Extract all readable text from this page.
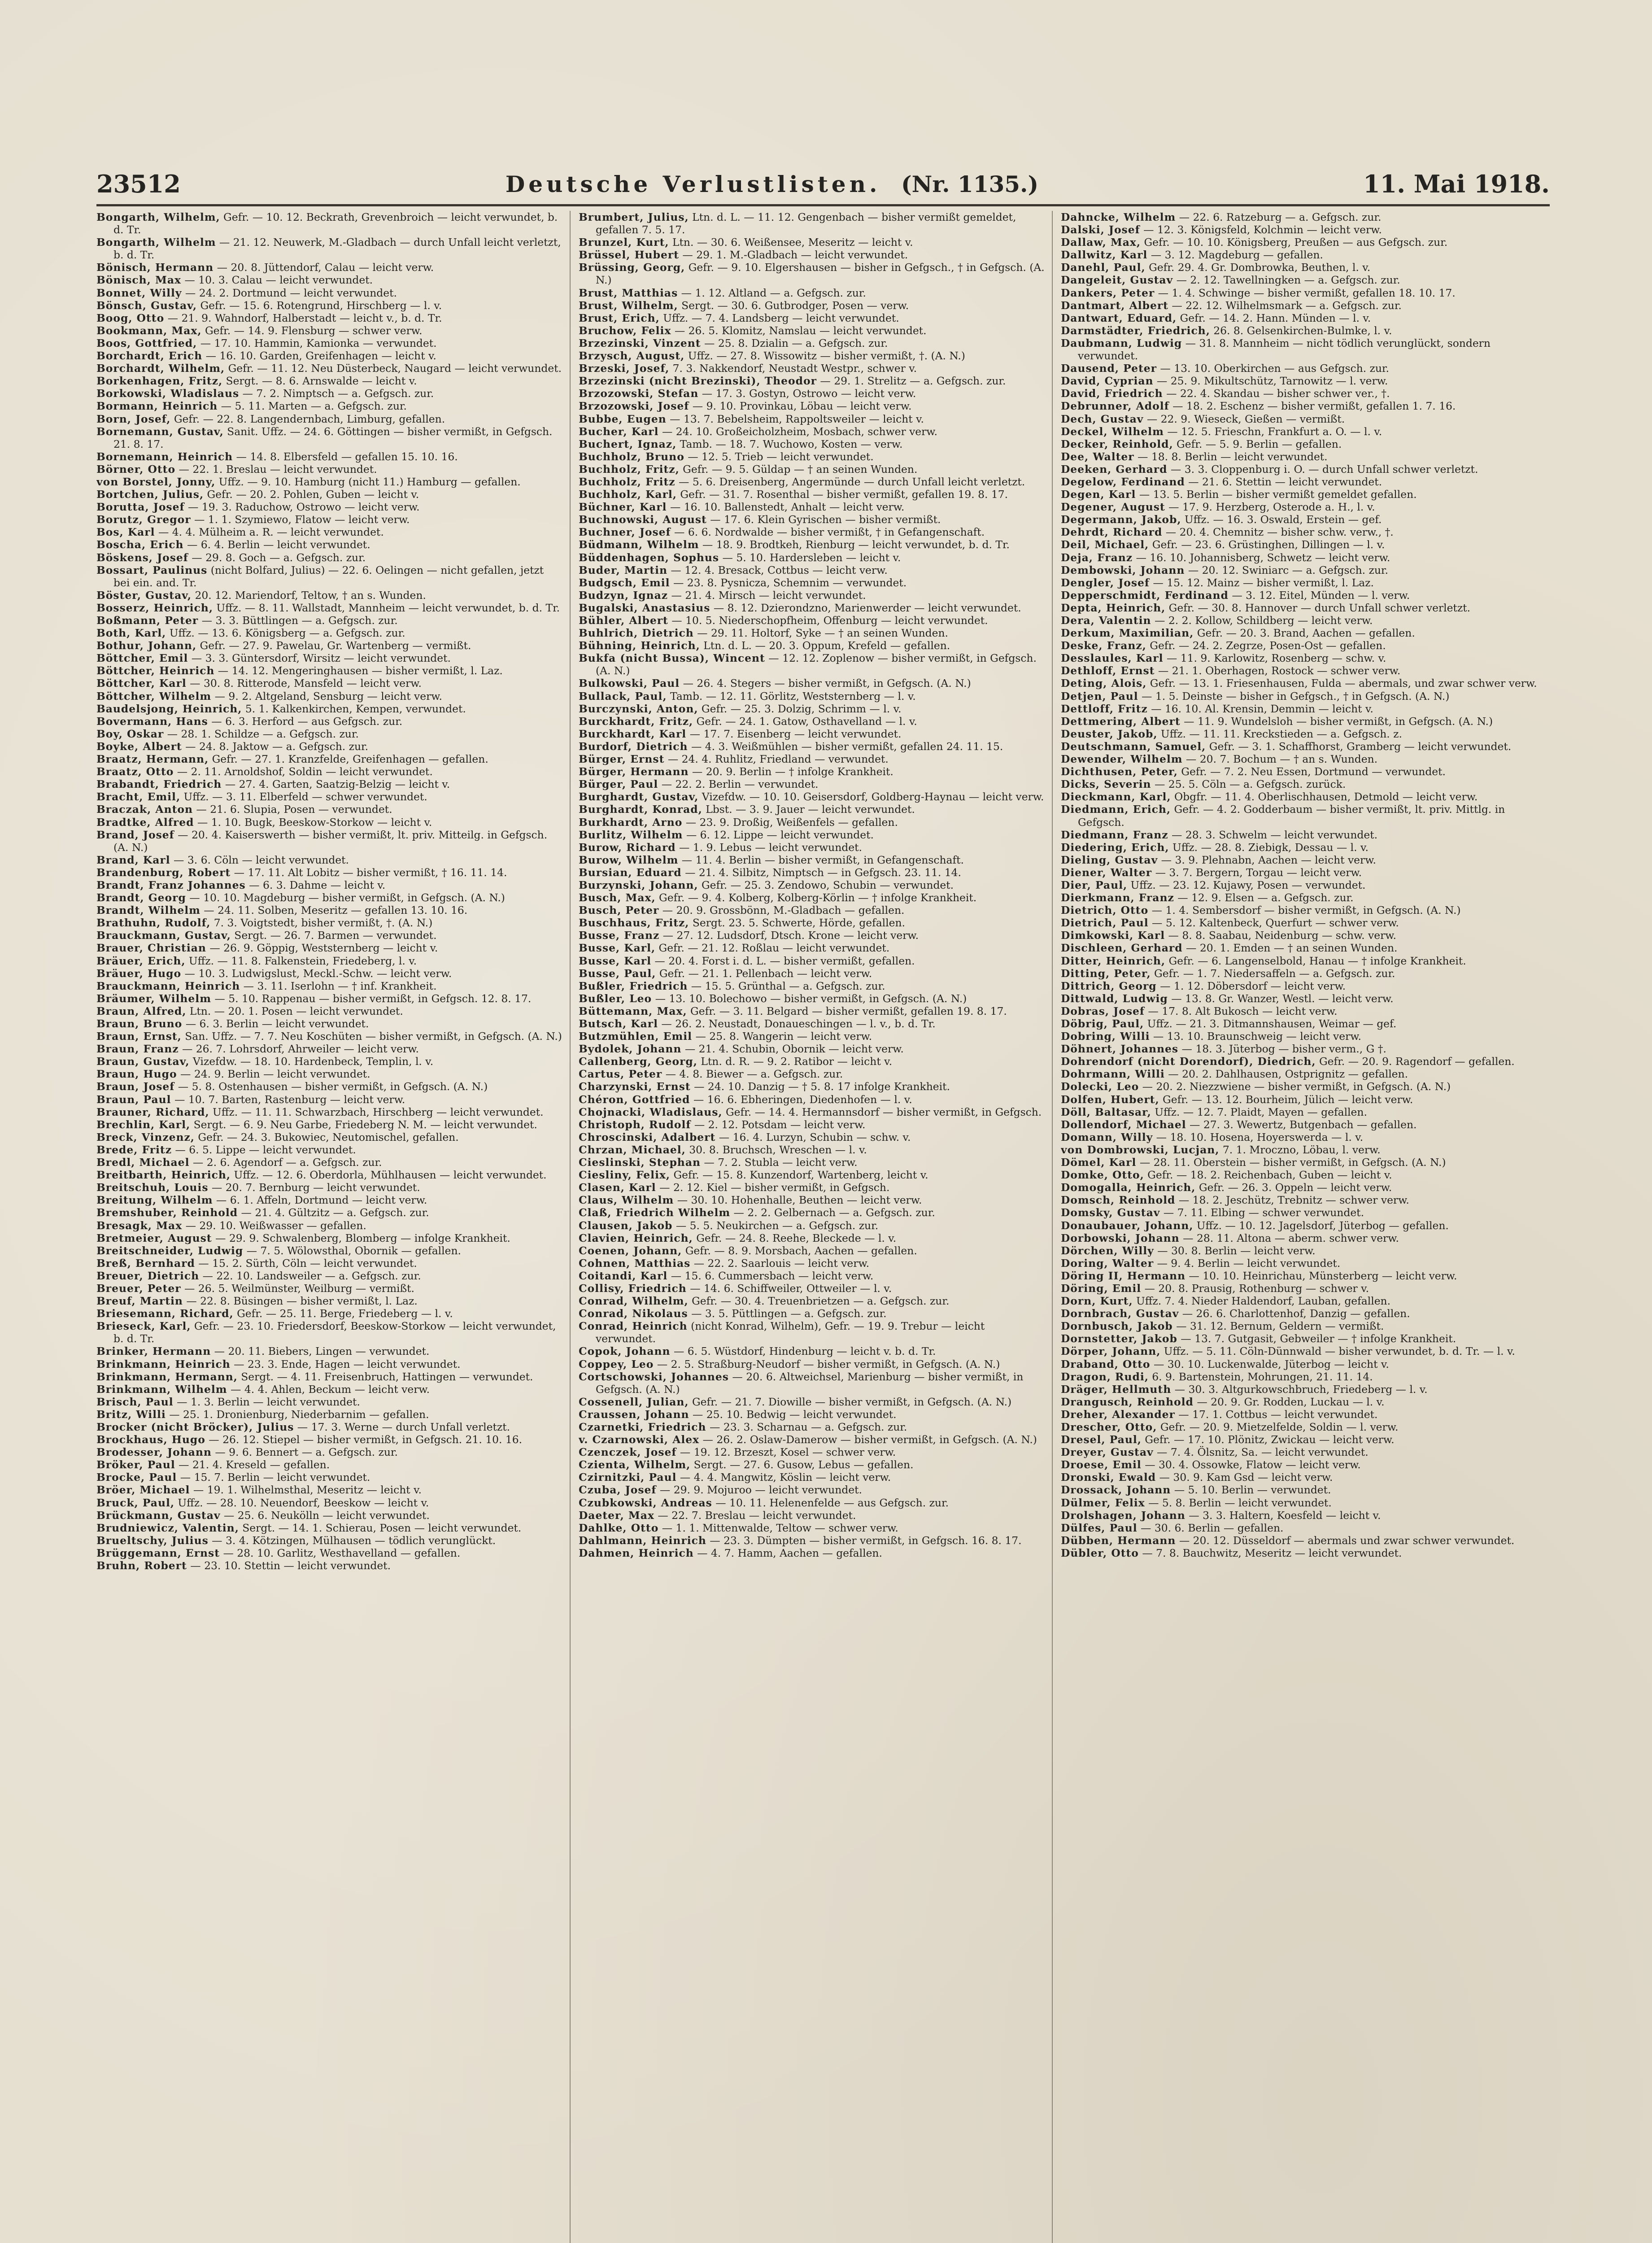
23512	Deutsche Verlustlisten. (Nr. 1135.)	11. Mai 1918.
Bongarth, Wilhelm, Gefr. — 10. 12. Beckrath, Grevenbroich — leicht verwundet, b. d. Tr.
Bongarth, Wilhelm — 21. 12. Neuwerk, M.-Gladbach — durch Unfall leicht verletzt, b. d. Tr.
Bönisch, Hermann — 20. 8. Jüttendorf, Calau — leicht verw.
Bönisch, Max — 10. 3. Calau — leicht verwundet.
Bonnet, Willy — 24. 2. Dortmund — leicht verwundet.
Bönsch, Gustav, Gefr. — 15. 6. Rotengrund, Hirschberg — l. v.
Boog, Otto — 21. 9. Wahndorf, Halberstadt — leicht v., b. d. Tr.
Bookmann, Max, Gefr. — 14. 9. Flensburg — schwer verw.
Boos, Gottfried, — 17. 10. Hammin, Kamionka — verwundet.
Borchardt, Erich — 16. 10. Garden, Greifenhagen — leicht v.
Borchardt, Wilhelm, Gefr. — 11. 12. Neu Düsterbeck, Naugard — leicht verwundet.
Borkenhagen, Fritz, Sergt. — 8. 6. Arnswalde — leicht v.
Borkowski, Wladislaus — 7. 2. Nimptsch — a. Gefgsch. zur.
Bormann, Heinrich — 5. 11. Marten — a. Gefgsch. zur.
Born, Josef, Gefr. — 22. 8. Langendernbach, Limburg, gefallen.
Bornemann, Gustav, Sanit. Uffz. — 24. 6. Göttingen — bisher vermißt, in Gefgsch. 21. 8. 17.
Bornemann, Heinrich — 14. 8. Elbersfeld — gefallen 15. 10. 16.
Börner, Otto — 22. 1. Breslau — leicht verwundet.
von Borstel, Jonny, Uffz. — 9. 10. Hamburg (nicht 11.) Hamburg — gefallen.
Bortchen, Julius, Gefr. — 20. 2. Pohlen, Guben — leicht v.
Borutta, Josef — 19. 3. Raduchow, Ostrowo — leicht verw.
Borutz, Gregor — 1. 1. Szymiewo, Flatow — leicht verw.
Bos, Karl — 4. 4. Mülheim a. R. — leicht verwundet.
Boscha, Erich — 6. 4. Berlin — leicht verwundet.
Böskens, Josef — 29. 8. Goch — a. Gefgsch. zur.
Bossart, Paulinus (nicht Bolfard, Julius) — 22. 6. Oelingen — nicht gefallen, jetzt bei ein. and. Tr.
Böster, Gustav, 20. 12. Mariendorf, Teltow, † an s. Wunden.
Bosserz, Heinrich, Uffz. — 8. 11. Wallstadt, Mannheim — leicht verwundet, b. d. Tr.
Boßmann, Peter — 3. 3. Büttlingen — a. Gefgsch. zur.
Both, Karl, Uffz. — 13. 6. Königsberg — a. Gefgsch. zur.
Bothur, Johann, Gefr. — 27. 9. Pawelau, Gr. Wartenberg — vermißt.
Böttcher, Emil — 3. 3. Güntersdorf, Wirsitz — leicht verwundet.
Böttcher, Heinrich — 14. 12. Mengeringhausen — bisher vermißt, l. Laz.
Böttcher, Karl — 30. 8. Ritterode, Mansfeld — leicht verw.
Böttcher, Wilhelm — 9. 2. Altgeland, Sensburg — leicht verw.
Baudelsjong, Heinrich, 5. 1. Kalkenkirchen, Kempen, verwundet.
Bovermann, Hans — 6. 3. Herford — aus Gefgsch. zur.
Boy, Oskar — 28. 1. Schildze — a. Gefgsch. zur.
Boyke, Albert — 24. 8. Jaktow — a. Gefgsch. zur.
Braatz, Hermann, Gefr. — 27. 1. Kranzfelde, Greifenhagen — gefallen.
Braatz, Otto — 2. 11. Arnoldshof, Soldin — leicht verwundet.
Brabandt, Friedrich — 27. 4. Garten, Saatzig-Belzig — leicht v.
Bracht, Emil, Uffz. — 3. 11. Elberfeld — schwer verwundet.
Braczak, Anton — 21. 6. Slupia, Posen — verwundet.
Bradtke, Alfred — 1. 10. Bugk, Beeskow-Storkow — leicht v.
Brand, Josef — 20. 4. Kaiserswerth — bisher vermißt, lt. priv. Mitteilg. in Gefgsch. (A. N.)
Brand, Karl — 3. 6. Cöln — leicht verwundet.
Brandenburg, Robert — 17. 11. Alt Lobitz — bisher vermißt, † 16. 11. 14.
Brandt, Franz Johannes — 6. 3. Dahme — leicht v.
Brandt, Georg — 10. 10. Magdeburg — bisher vermißt, in Gefgsch. (A. N.)
Brandt, Wilhelm — 24. 11. Solben, Meseritz — gefallen 13. 10. 16.
Brathuhn, Rudolf, 7. 3. Voigtstedt, bisher vermißt, †. (A. N.)
Brauckmann, Gustav, Sergt. — 26. 7. Barmen — verwundet.
Brauer, Christian — 26. 9. Göppig, Weststernberg — leicht v.
Bräuer, Erich, Uffz. — 11. 8. Falkenstein, Friedeberg, l. v.
Bräuer, Hugo — 10. 3. Ludwigslust, Meckl.-Schw. — leicht verw.
Brauckmann, Heinrich — 3. 11. Iserlohn — † inf. Krankheit.
Bräumer, Wilhelm — 5. 10. Rappenau — bisher vermißt, in Gefgsch. 12. 8. 17.
Braun, Alfred, Ltn. — 20. 1. Posen — leicht verwundet.
Braun, Bruno — 6. 3. Berlin — leicht verwundet.
Braun, Ernst, San. Uffz. — 7. 7. Neu Koschüten — bisher vermißt, in Gefgsch. (A. N.)
Braun, Franz — 26. 7. Lohrsdorf, Ahrweiler — leicht verw.
Braun, Gustav, Vizefdw. — 18. 10. Hardenbeck, Templin, l. v.
Braun, Hugo — 24. 9. Berlin — leicht verwundet.
Braun, Josef — 5. 8. Ostenhausen — bisher vermißt, in Gefgsch. (A. N.)
Braun, Paul — 10. 7. Barten, Rastenburg — leicht verw.
Brauner, Richard, Uffz. — 11. 11. Schwarzbach, Hirschberg — leicht verwundet.
Brechlin, Karl, Sergt. — 6. 9. Neu Garbe, Friedeberg N. M. — leicht verwundet.
Breck, Vinzenz, Gefr. — 24. 3. Bukowiec, Neutomischel, gefallen.
Brede, Fritz — 6. 5. Lippe — leicht verwundet.
Bredl, Michael — 2. 6. Agendorf — a. Gefgsch. zur.
Breitbarth, Heinrich, Uffz. — 12. 6. Oberdorla, Mühlhausen — leicht verwundet.
Breitschuh, Louis — 20. 7. Bernburg — leicht verwundet.
Breitung, Wilhelm — 6. 1. Affeln, Dortmund — leicht verw.
Bremshuber, Reinhold — 21. 4. Gültzitz — a. Gefgsch. zur.
Bresagk, Max — 29. 10. Weißwasser — gefallen.
Bretmeier, August — 29. 9. Schwalenberg, Blomberg — infolge Krankheit.
Breitschneider, Ludwig — 7. 5. Wölowsthal, Obornik — gefallen.
Breß, Bernhard — 15. 2. Sürth, Cöln — leicht verwundet.
Breuer, Dietrich — 22. 10. Landsweiler — a. Gefgsch. zur.
Breuer, Peter — 26. 5. Weilmünster, Weilburg — vermißt.
Breuf, Martin — 22. 8. Büsingen — bisher vermißt, l. Laz.
Briesemann, Richard, Gefr. — 25. 11. Berge, Friedeberg — l. v.
Brieseck, Karl, Gefr. — 23. 10. Friedersdorf, Beeskow-Storkow — leicht verwundet, b. d. Tr.
Brinker, Hermann — 20. 11. Biebers, Lingen — verwundet.
Brinkmann, Heinrich — 23. 3. Ende, Hagen — leicht verwundet.
Brinkmann, Hermann, Sergt. — 4. 11. Freisenbruch, Hattingen — verwundet.
Brinkmann, Wilhelm — 4. 4. Ahlen, Beckum — leicht verw.
Brisch, Paul — 1. 3. Berlin — leicht verwundet.
Britz, Willi — 25. 1. Dronienburg, Niederbarnim — gefallen.
Brocker (nicht Bröcker), Julius — 17. 3. Werne — durch Unfall verletzt.
Brockhaus, Hugo — 26. 12. Stiepel — bisher vermißt, in Gefgsch. 21. 10. 16.
Brodesser, Johann — 9. 6. Bennert — a. Gefgsch. zur.
Bröker, Paul — 21. 4. Kreseld — gefallen.
Brocke, Paul — 15. 7. Berlin — leicht verwundet.
Bröer, Michael — 19. 1. Wilhelmsthal, Meseritz — leicht v.
Bruck, Paul, Uffz. — 28. 10. Neuendorf, Beeskow — leicht v.
Brückmann, Gustav — 25. 6. Neukölln — leicht verwundet.
Brudniewicz, Valentin, Sergt. — 14. 1. Schierau, Posen — leicht verwundet.
Brueltschy, Julius — 3. 4. Kötzingen, Mülhausen — tödlich verunglückt.
Brüggemann, Ernst — 28. 10. Garlitz, Westhavelland — gefallen.
Bruhn, Robert — 23. 10. Stettin — leicht verwundet.
Brumbert, Julius, Ltn. d. L. — 11. 12. Gengenbach — bisher vermißt gemeldet, gefallen 7. 5. 17.
Brunzel, Kurt, Ltn. — 30. 6. Weißensee, Meseritz — leicht v.
Brüssel, Hubert — 29. 1. M.-Gladbach — leicht verwundet.
Brüssing, Georg, Gefr. — 9. 10. Elgershausen — bisher in Gefgsch., † in Gefgsch. (A. N.)
Brust, Matthias — 1. 12. Altland — a. Gefgsch. zur.
Brust, Wilhelm, Sergt. — 30. 6. Gutbrodger, Posen — verw.
Brust, Erich, Uffz. — 7. 4. Landsberg — leicht verwundet.
Bruchow, Felix — 26. 5. Klomitz, Namslau — leicht verwundet.
Brzezinski, Vinzent — 25. 8. Dzialin — a. Gefgsch. zur.
Brzysch, August, Uffz. — 27. 8. Wissowitz — bisher vermißt, †. (A. N.)
Brzeski, Josef, 7. 3. Nakkendorf, Neustadt Westpr., schwer v.
Brzezinski (nicht Brezinski), Theodor — 29. 1. Strelitz — a. Gefgsch. zur.
Brzozowski, Stefan — 17. 3. Gostyn, Ostrowo — leicht verw.
Brzozowski, Josef — 9. 10. Provinkau, Löbau — leicht verw.
Bubbe, Eugen — 13. 7. Bebelsheim, Rappoltsweiler — leicht v.
Bucher, Karl — 24. 10. Großeicholzheim, Mosbach, schwer verw.
Buchert, Ignaz, Tamb. — 18. 7. Wuchowo, Kosten — verw.
Buchholz, Bruno — 12. 5. Trieb — leicht verwundet.
Buchholz, Fritz, Gefr. — 9. 5. Güldap — † an seinen Wunden.
Buchholz, Fritz — 5. 6. Dreisenberg, Angermünde — durch Unfall leicht verletzt.
Buchholz, Karl, Gefr. — 31. 7. Rosenthal — bisher vermißt, gefallen 19. 8. 17.
Büchner, Karl — 16. 10. Ballenstedt, Anhalt — leicht verw.
Buchnowski, August — 17. 6. Klein Gyrischen — bisher vermißt.
Buchner, Josef — 6. 6. Nordwalde — bisher vermißt, † in Gefangenschaft.
Büdmann, Wilhelm — 18. 9. Brodtkeh, Rienburg — leicht verwundet, b. d. Tr.
Büddenhagen, Sophus — 5. 10. Hardersleben — leicht v.
Buder, Martin — 12. 4. Bresack, Cottbus — leicht verw.
Budgsch, Emil — 23. 8. Pysnicza, Schemnim — verwundet.
Budzyn, Ignaz — 21. 4. Mirsch — leicht verwundet.
Bugalski, Anastasius — 8. 12. Dzierondzno, Marienwerder — leicht verwundet.
Bühler, Albert — 10. 5. Niederschopfheim, Offenburg — leicht verwundet.
Buhlrich, Dietrich — 29. 11. Holtorf, Syke — † an seinen Wunden.
Bühning, Heinrich, Ltn. d. L. — 20. 3. Oppum, Krefeld — gefallen.
Bukfa (nicht Bussa), Wincent — 12. 12. Zoplenow — bisher vermißt, in Gefgsch. (A. N.)
Bulkowski, Paul — 26. 4. Stegers — bisher vermißt, in Gefgsch. (A. N.)
Bullack, Paul, Tamb. — 12. 11. Görlitz, Weststernberg — l. v.
Burczynski, Anton, Gefr. — 25. 3. Dolzig, Schrimm — l. v.
Burckhardt, Fritz, Gefr. — 24. 1. Gatow, Osthavelland — l. v.
Burckhardt, Karl — 17. 7. Eisenberg — leicht verwundet.
Burdorf, Dietrich — 4. 3. Weißmühlen — bisher vermißt, gefallen 24. 11. 15.
Bürger, Ernst — 24. 4. Ruhlitz, Friedland — verwundet.
Bürger, Hermann — 20. 9. Berlin — † infolge Krankheit.
Bürger, Paul — 22. 2. Berlin — verwundet.
Burghardt, Gustav, Vizefdw. — 10. 10. Geisersdorf, Goldberg-Haynau — leicht verw.
Burghardt, Konrad, Lbst. — 3. 9. Jauer — leicht verwundet.
Burkhardt, Arno — 23. 9. Droßig, Weißenfels — gefallen.
Burlitz, Wilhelm — 6. 12. Lippe — leicht verwundet.
Burow, Richard — 1. 9. Lebus — leicht verwundet.
Burow, Wilhelm — 11. 4. Berlin — bisher vermißt, in Gefangenschaft.
Bursian, Eduard — 21. 4. Silbitz, Nimptsch — in Gefgsch. 23. 11. 14.
Burzynski, Johann, Gefr. — 25. 3. Zendowo, Schubin — verwundet.
Busch, Max, Gefr. — 9. 4. Kolberg, Kolberg-Körlin — † infolge Krankheit.
Busch, Peter — 20. 9. Grossbönn, M.-Gladbach — gefallen.
Buschhaus, Fritz, Sergt. 23. 5. Schwerte, Hörde, gefallen.
Busse, Franz — 27. 12. Ludsdorf, Dtsch. Krone — leicht verw.
Busse, Karl, Gefr. — 21. 12. Roßlau — leicht verwundet.
Busse, Karl — 20. 4. Forst i. d. L. — bisher vermißt, gefallen.
Busse, Paul, Gefr. — 21. 1. Pellenbach — leicht verw.
Bußler, Friedrich — 15. 5. Grünthal — a. Gefgsch. zur.
Bußler, Leo — 13. 10. Bolechowo — bisher vermißt, in Gefgsch. (A. N.)
Büttemann, Max, Gefr. — 3. 11. Belgard — bisher vermißt, gefallen 19. 8. 17.
Butsch, Karl — 26. 2. Neustadt, Donaueschingen — l. v., b. d. Tr.
Butzmühlen, Emil — 25. 8. Wangerin — leicht verw.
Bydolek, Johann — 21. 4. Schubin, Obornik — leicht verw.
Callenberg, Georg, Ltn. d. R. — 9. 2. Ratibor — leicht v.
Cartus, Peter — 4. 8. Biewer — a. Gefgsch. zur.
Charzynski, Ernst — 24. 10. Danzig — † 5. 8. 17 infolge Krankheit.
Chéron, Gottfried — 16. 6. Ebheringen, Diedenhofen — l. v.
Chojnacki, Wladislaus, Gefr. — 14. 4. Hermannsdorf — bisher vermißt, in Gefgsch.
Christoph, Rudolf — 2. 12. Potsdam — leicht verw.
Chroscinski, Adalbert — 16. 4. Lurzyn, Schubin — schw. v.
Chrzan, Michael, 30. 8. Bruchsch, Wreschen — l. v.
Cieslinski, Stephan — 7. 2. Stubla — leicht verw.
Ciesliny, Felix, Gefr. — 15. 8. Kunzendorf, Wartenberg, leicht v.
Clasen, Karl — 2. 12. Kiel — bisher vermißt, in Gefgsch.
Claus, Wilhelm — 30. 10. Hohenhalle, Beuthen — leicht verw.
Claß, Friedrich Wilhelm — 2. 2. Gelbernach — a. Gefgsch. zur.
Clausen, Jakob — 5. 5. Neukirchen — a. Gefgsch. zur.
Clavien, Heinrich, Gefr. — 24. 8. Reehe, Bleckede — l. v.
Coenen, Johann, Gefr. — 8. 9. Morsbach, Aachen — gefallen.
Cohnen, Matthias — 22. 2. Saarlouis — leicht verw.
Coitandi, Karl — 15. 6. Cummersbach — leicht verw.
Collisy, Friedrich — 14. 6. Schiffweiler, Ottweiler — l. v.
Conrad, Wilhelm, Gefr. — 30. 4. Treuenbrietzen — a. Gefgsch. zur.
Conrad, Nikolaus — 3. 5. Püttlingen — a. Gefgsch. zur.
Conrad, Heinrich (nicht Konrad, Wilhelm), Gefr. — 19. 9. Trebur — leicht verwundet.
Copok, Johann — 6. 5. Wüstdorf, Hindenburg — leicht v. b. d. Tr.
Coppey, Leo — 2. 5. Straßburg-Neudorf — bisher vermißt, in Gefgsch. (A. N.)
Cortschowski, Johannes — 20. 6. Altweichsel, Marienburg — bisher vermißt, in Gefgsch. (A. N.)
Cossenell, Julian, Gefr. — 21. 7. Diowille — bisher vermißt, in Gefgsch. (A. N.)
Craussen, Johann — 25. 10. Bedwig — leicht verwundet.
Czarnetki, Friedrich — 23. 3. Scharnau — a. Gefgsch. zur.
v. Czarnowski, Alex — 26. 2. Oslaw-Damerow — bisher vermißt, in Gefgsch. (A. N.)
Czenczek, Josef — 19. 12. Brzeszt, Kosel — schwer verw.
Czienta, Wilhelm, Sergt. — 27. 6. Gusow, Lebus — gefallen.
Czirnitzki, Paul — 4. 4. Mangwitz, Köslin — leicht verw.
Czuba, Josef — 29. 9. Mojuroo — leicht verwundet.
Czubkowski, Andreas — 10. 11. Helenenfelde — aus Gefgsch. zur.
Daeter, Max — 22. 7. Breslau — leicht verwundet.
Dahlke, Otto — 1. 1. Mittenwalde, Teltow — schwer verw.
Dahlmann, Heinrich — 23. 3. Dümpten — bisher vermißt, in Gefgsch. 16. 8. 17.
Dahmen, Heinrich — 4. 7. Hamm, Aachen — gefallen.
Dahncke, Wilhelm — 22. 6. Ratzeburg — a. Gefgsch. zur.
Dalski, Josef — 12. 3. Königsfeld, Kolchmin — leicht verw.
Dallaw, Max, Gefr. — 10. 10. Königsberg, Preußen — aus Gefgsch. zur.
Dallwitz, Karl — 3. 12. Magdeburg — gefallen.
Danehl, Paul, Gefr. 29. 4. Gr. Dombrowka, Beuthen, l. v.
Dangeleit, Gustav — 2. 12. Tawellningken — a. Gefgsch. zur.
Dankers, Peter — 1. 4. Schwinge — bisher vermißt, gefallen 18. 10. 17.
Dantmart, Albert — 22. 12. Wilhelmsmark — a. Gefgsch. zur.
Dantwart, Eduard, Gefr. — 14. 2. Hann. Münden — l. v.
Darmstädter, Friedrich, 26. 8. Gelsenkirchen-Bulmke, l. v.
Daubmann, Ludwig — 31. 8. Mannheim — nicht tödlich verunglückt, sondern verwundet.
Dausend, Peter — 13. 10. Oberkirchen — aus Gefgsch. zur.
David, Cyprian — 25. 9. Mikultschütz, Tarnowitz — l. verw.
David, Friedrich — 22. 4. Skandau — bisher schwer ver., †.
Debrunner, Adolf — 18. 2. Eschenz — bisher vermißt, gefallen 1. 7. 16.
Dech, Gustav — 22. 9. Wieseck, Gießen — vermißt.
Deckel, Wilhelm — 12. 5. Frieschn, Frankfurt a. O. — l. v.
Decker, Reinhold, Gefr. — 5. 9. Berlin — gefallen.
Dee, Walter — 18. 8. Berlin — leicht verwundet.
Deeken, Gerhard — 3. 3. Cloppenburg i. O. — durch Unfall schwer verletzt.
Degelow, Ferdinand — 21. 6. Stettin — leicht verwundet.
Degen, Karl — 13. 5. Berlin — bisher vermißt gemeldet gefallen.
Degener, August — 17. 9. Herzberg, Osterode a. H., l. v.
Degermann, Jakob, Uffz. — 16. 3. Oswald, Erstein — gef.
Dehrdt, Richard — 20. 4. Chemnitz — bisher schw. verw., †.
Deil, Michael, Gefr. — 23. 6. Grüstinghen, Dillingen — l. v.
Deja, Franz — 16. 10. Johannisberg, Schwetz — leicht verw.
Dembowski, Johann — 20. 12. Swiniarc — a. Gefgsch. zur.
Dengler, Josef — 15. 12. Mainz — bisher vermißt, l. Laz.
Depperschmidt, Ferdinand — 3. 12. Eitel, Münden — l. verw.
Depta, Heinrich, Gefr. — 30. 8. Hannover — durch Unfall schwer verletzt.
Dera, Valentin — 2. 2. Kollow, Schildberg — leicht verw.
Derkum, Maximilian, Gefr. — 20. 3. Brand, Aachen — gefallen.
Deske, Franz, Gefr. — 24. 2. Zegrze, Posen-Ost — gefallen.
Desslaules, Karl — 11. 9. Karlowitz, Rosenberg — schw. v.
Dethloff, Ernst — 21. 1. Oberhagen, Rostock — schwer verw.
Deting, Alois, Gefr. — 13. 1. Friesenhausen, Fulda — abermals, und zwar schwer verw.
Detjen, Paul — 1. 5. Deinste — bisher in Gefgsch., † in Gefgsch. (A. N.)
Dettloff, Fritz — 16. 10. Al. Krensin, Demmin — leicht v.
Dettmering, Albert — 11. 9. Wundelsloh — bisher vermißt, in Gefgsch. (A. N.)
Deuster, Jakob, Uffz. — 11. 11. Kreckstieden — a. Gefgsch. z.
Deutschmann, Samuel, Gefr. — 3. 1. Schaffhorst, Gramberg — leicht verwundet.
Dewender, Wilhelm — 20. 7. Bochum — † an s. Wunden.
Dichthusen, Peter, Gefr. — 7. 2. Neu Essen, Dortmund — verwundet.
Dicks, Severin — 25. 5. Cöln — a. Gefgsch. zurück.
Dieckmann, Karl, Obgfr. — 11. 4. Oberlischhausen, Detmold — leicht verw.
Diedmann, Erich, Gefr. — 4. 2. Godderbaum — bisher vermißt, lt. priv. Mittlg. in Gefgsch.
Diedmann, Franz — 28. 3. Schwelm — leicht verwundet.
Diedering, Erich, Uffz. — 28. 8. Ziebigk, Dessau — l. v.
Dieling, Gustav — 3. 9. Plehnabn, Aachen — leicht verw.
Diener, Walter — 3. 7. Bergern, Torgau — leicht verw.
Dier, Paul, Uffz. — 23. 12. Kujawy, Posen — verwundet.
Dierkmann, Franz — 12. 9. Elsen — a. Gefgsch. zur.
Dietrich, Otto — 1. 4. Sembersdorf — bisher vermißt, in Gefgsch. (A. N.)
Dietrich, Paul — 5. 12. Kaltenbeck, Querfurt — schwer verw.
Dimkowski, Karl — 8. 8. Saabau, Neidenburg — schw. verw.
Dischleen, Gerhard — 20. 1. Emden — † an seinen Wunden.
Ditter, Heinrich, Gefr. — 6. Langenselbold, Hanau — † infolge Krankheit.
Ditting, Peter, Gefr. — 1. 7. Niedersaffeln — a. Gefgsch. zur.
Dittrich, Georg — 1. 12. Döbersdorf — leicht verw.
Dittwald, Ludwig — 13. 8. Gr. Wanzer, Westl. — leicht verw.
Dobras, Josef — 17. 8. Alt Bukosch — leicht verw.
Döbrig, Paul, Uffz. — 21. 3. Ditmannshausen, Weimar — gef.
Dobring, Willi — 13. 10. Braunschweig — leicht verw.
Döhnert, Johannes — 18. 3. Jüterbog — bisher verm., G †.
Dohrendorf (nicht Dorendorf), Diedrich, Gefr. — 20. 9. Ragendorf — gefallen.
Dohrmann, Willi — 20. 2. Dahlhausen, Ostprignitz — gefallen.
Dolecki, Leo — 20. 2. Niezzwiene — bisher vermißt, in Gefgsch. (A. N.)
Dolfen, Hubert, Gefr. — 13. 12. Bourheim, Jülich — leicht verw.
Döll, Baltasar, Uffz. — 12. 7. Plaidt, Mayen — gefallen.
Dollendorf, Michael — 27. 3. Wewertz, Butgenbach — gefallen.
Domann, Willy — 18. 10. Hosena, Hoyerswerda — l. v.
von Dombrowski, Lucjan, 7. 1. Mroczno, Löbau, l. verw.
Dömel, Karl — 28. 11. Oberstein — bisher vermißt, in Gefgsch. (A. N.)
Domke, Otto, Gefr. — 18. 2. Reichenbach, Guben — leicht v.
Domogalla, Heinrich, Gefr. — 26. 3. Oppeln — leicht verw.
Domsch, Reinhold — 18. 2. Jeschütz, Trebnitz — schwer verw.
Domsky, Gustav — 7. 11. Elbing — schwer verwundet.
Donaubauer, Johann, Uffz. — 10. 12. Jagelsdorf, Jüterbog — gefallen.
Dorbowski, Johann — 28. 11. Altona — aberm. schwer verw.
Dörchen, Willy — 30. 8. Berlin — leicht verw.
Doring, Walter — 9. 4. Berlin — leicht verwundet.
Döring II, Hermann — 10. 10. Heinrichau, Münsterberg — leicht verw.
Döring, Emil — 20. 8. Prausig, Rothenburg — schwer v.
Dorn, Kurt, Uffz. 7. 4. Nieder Haldendorf, Lauban, gefallen.
Dornbrach, Gustav — 26. 6. Charlottenhof, Danzig — gefallen.
Dornbusch, Jakob — 31. 12. Bernum, Geldern — vermißt.
Dornstetter, Jakob — 13. 7. Gutgasit, Gebweiler — † infolge Krankheit.
Dörper, Johann, Uffz. — 5. 11. Cöln-Dünnwald — bisher verwundet, b. d. Tr. — l. v.
Draband, Otto — 30. 10. Luckenwalde, Jüterbog — leicht v.
Dragon, Rudi, 6. 9. Bartenstein, Mohrungen, 21. 11. 14.
Dräger, Hellmuth — 30. 3. Altgurkowschbruch, Friedeberg — l. v.
Drangusch, Reinhold — 20. 9. Gr. Rodden, Luckau — l. v.
Dreher, Alexander — 17. 1. Cottbus — leicht verwundet.
Drescher, Otto, Gefr. — 20. 9. Mietzelfelde, Soldin — l. verw.
Dresel, Paul, Gefr. — 17. 10. Plönitz, Zwickau — leicht verw.
Dreyer, Gustav — 7. 4. Ölsnitz, Sa. — leicht verwundet.
Droese, Emil — 30. 4. Ossowke, Flatow — leicht verw.
Dronski, Ewald — 30. 9. Kam Gsd — leicht verw.
Drossack, Johann — 5. 10. Berlin — verwundet.
Dülmer, Felix — 5. 8. Berlin — leicht verwundet.
Drolshagen, Johann — 3. 3. Haltern, Koesfeld — leicht v.
Dülfes, Paul — 30. 6. Berlin — gefallen.
Dübben, Hermann — 20. 12. Düsseldorf — abermals und zwar schwer verwundet.
Dübler, Otto — 7. 8. Bauchwitz, Meseritz — leicht verwundet.
